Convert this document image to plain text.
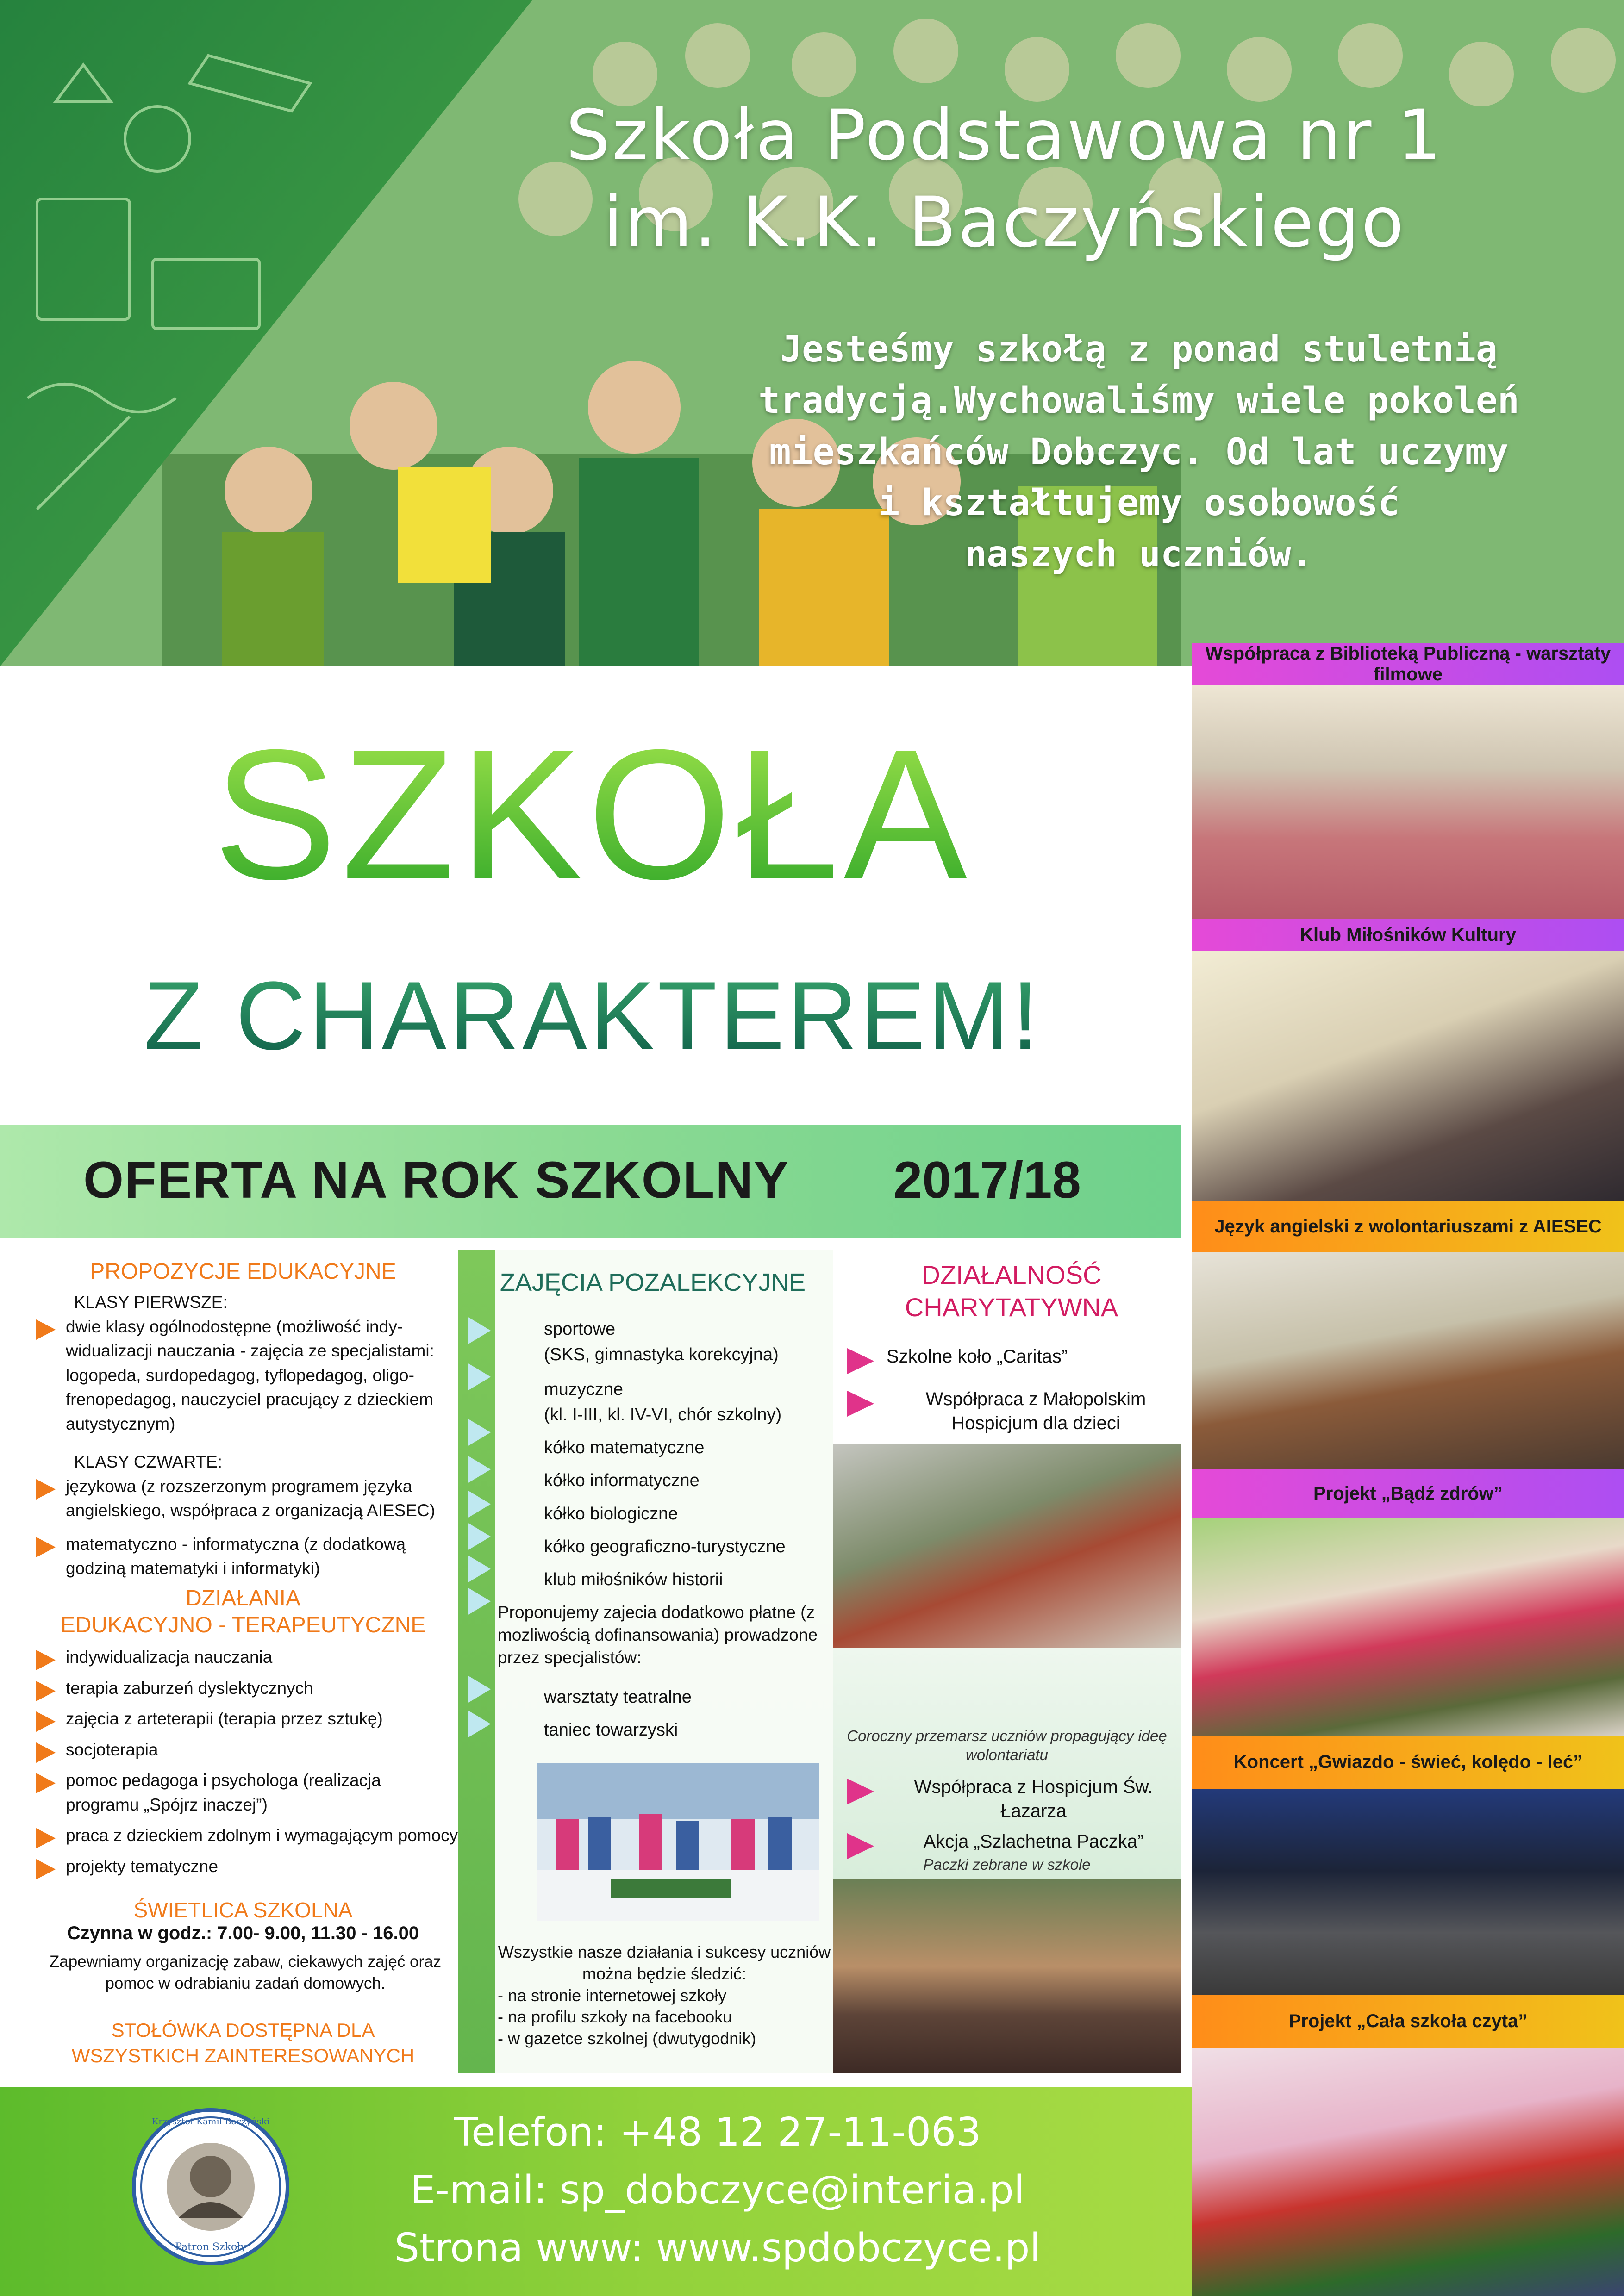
Szkoła Podstawowa nr 1
im. K.K. Baczyńskiego
Jesteśmy szkołą z ponad stuletnią
tradycją.Wychowaliśmy wiele pokoleń
mieszkańców Dobczyc. Od lat uczymy
i kształtujemy osobowość
naszych uczniów.
SZKOŁA
Z CHARAKTEREM!
OFERTA NA ROK SZKOLNY 2017/18
PROPOZYCJE EDUKACYJNE
KLASY PIERWSZE:
dwie klasy ogólnodostępne (możliwość indy-widualizacji nauczania - zajęcia ze specjalistami: logopeda, surdopedagog, tyflopedagog, oligo-frenopedagog, nauczyciel pracujący z dzieckiem autystycznym)
KLASY CZWARTE:
językowa (z rozszerzonym programem języka angielskiego, współpraca z organizacją AIESEC)
matematyczno - informatyczna (z dodatkową godziną matematyki i informatyki)
DZIAŁANIA
EDUKACYJNO - TERAPEUTYCZNE
indywidualizacja nauczania
terapia zaburzeń dyslektycznych
zajęcia z arteterapii (terapia przez sztukę)
socjoterapia
pomoc pedagoga i psychologa (realizacja programu „Spójrz inaczej”)
praca z dzieckiem zdolnym i wymagającym pomocy
projekty tematyczne
ŚWIETLICA SZKOLNA
Czynna w godz.: 7.00- 9.00, 11.30 - 16.00
Zapewniamy organizację zabaw, ciekawych zajęć oraz pomoc w odrabianiu zadań domowych.
STOŁÓWKA DOSTĘPNA DLA
WSZYSTKICH ZAINTERESOWANYCH
ZAJĘCIA POZALEKCYJNE
sportowe
(SKS, gimnastyka korekcyjna)
muzyczne
(kl. I-III, kl. IV-VI, chór szkolny)
kółko matematyczne
kółko informatyczne
kółko biologiczne
kółko geograficzno-turystyczne
klub miłośników historii
Proponujemy zajecia dodatkowo płatne (z mozliwością dofinansowania) prowadzone przez specjalistów:
warsztaty teatralne
taniec towarzyski
Wszystkie nasze działania i sukcesy uczniów można będzie śledzić:
- na stronie internetowej szkoły
- na profilu szkoły na facebooku
- w gazetce szkolnej (dwutygodnik)
DZIAŁALNOŚĆ
CHARYTATYWNA
Szkolne koło „Caritas”
Współpraca z Małopolskim Hospicjum dla dzieci
Coroczny przemarsz uczniów propagujący ideę wolontariatu
Współpraca z Hospicjum Św. Łazarza
Akcja „Szlachetna Paczka”
Paczki zebrane w szkole
Współpraca z Biblioteką Publiczną - warsztaty filmowe
Klub Miłośników Kultury
Język angielski z wolontariuszami z AIESEC
Projekt „Bądź zdrów”
Koncert „Gwiazdo - świeć, kolędo - leć”
Projekt „Cała szkoła czyta”
Krzysztof Kamil Baczyński
Patron Szkoły
Telefon: +48 12 27-11-063
E-mail: sp_dobczyce@interia.pl
Strona www: www.spdobczyce.pl
